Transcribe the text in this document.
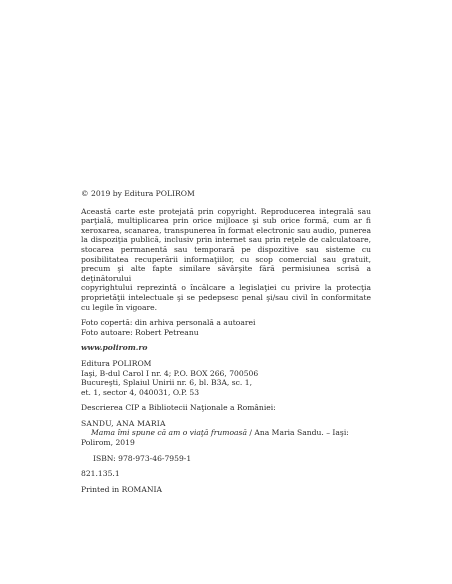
© 2019 by Editura POLIROM
Această carte este protejată prin copyright. Reproducerea integrală sau
parţială, multiplicarea prin orice mijloace şi sub orice formă, cum ar fi
xeroxarea, scanarea, transpunerea în format electronic sau audio, punerea
la dispoziţia publică, inclusiv prin internet sau prin reţele de calculatoare,
stocarea permanentă sau temporară pe dispozitive sau sisteme cu
posibilitatea recuperării informaţiilor, cu scop comercial sau gratuit,
precum şi alte fapte similare săvârşite fără permisiunea scrisă a deţinătorului
copyrightului reprezintă o încălcare a legislaţiei cu privire la protecţia
proprietăţii intelectuale şi se pedepsesc penal şi/sau civil în conformitate
cu legile în vigoare.
Foto copertă: din arhiva personală a autoarei
Foto autoare: Robert Petreanu
www.polirom.ro
Editura POLIROM
Iaşi, B-dul Carol I nr. 4; P.O. BOX 266, 700506
Bucureşti, Splaiul Unirii nr. 6, bl. B3A, sc. 1,
et. 1, sector 4, 040031, O.P. 53
Descrierea CIP a Bibliotecii Naţionale a României:
SANDU, ANA MARIA
Mama îmi spune că am o viaţă frumoasă / Ana Maria Sandu. – Iaşi:
Polirom, 2019
ISBN: 978-973-46-7959-1
821.135.1
Printed in ROMANIA
